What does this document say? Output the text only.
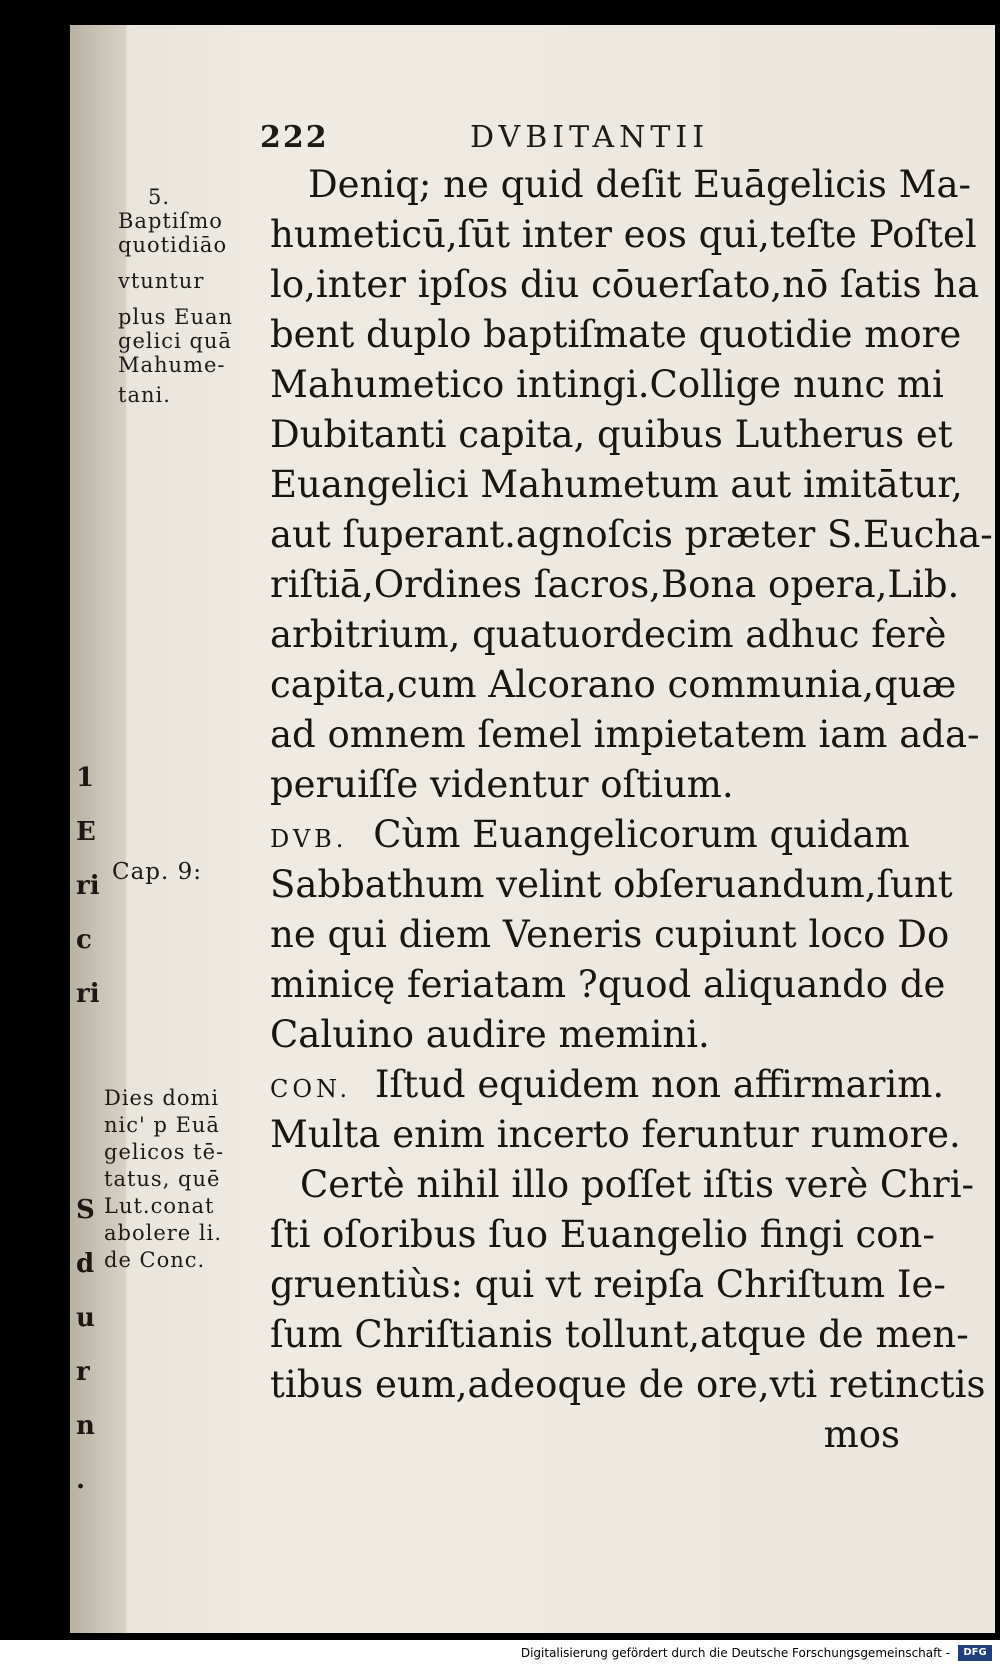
1
E
ri
c
ri
S
d
u
r
n
.
222	DVBITANTII
5.
Baptiſmo
quotidiāo
vtuntur
plus Euan
gelici quā
Mahume-
tani.
Cap. 9:
Dies domi
nic' p Euā
gelicos tē-
tatus, quē
Lut.conat
abolere li.
de Conc.
Deniq; ne quid deſit Euāgelicis Ma-
humeticū,ſūt inter eos qui,teſte Poſtel
lo,inter ipſos diu cōuerſato,nō ſatis ha
bent duplo baptiſmate quotidie more
Mahumetico intingi.Collige nunc mi
Dubitanti capita, quibus Lutherus et
Euangelici Mahumetum aut imitātur,
aut ſuperant.agnoſcis præter S.Eucha-
riſtiā,Ordines ſacros,Bona opera,Lib.
arbitrium, quatuordecim adhuc ferè
capita,cum Alcorano communia,quæ
ad omnem ſemel impietatem iam ada-
peruiſſe videntur oſtium.
DVB. Cùm Euangelicorum quidam
Sabbathum velint obſeruandum,ſunt
ne qui diem Veneris cupiunt loco Do
minicę feriatam ?quod aliquando de
Caluino audire memini.
CON. Iſtud equidem non affirmarim.
Multa enim incerto feruntur rumore.
Certè nihil illo poſſet iſtis verè Chri-
ſti oſoribus ſuo Euangelio fingi con-
gruentiùs: qui vt reipſa Chriſtum Ie-
ſum Chriſtianis tollunt,atque de men-
tibus eum,adeoque de ore,vti retinctis
mos
Digitalisierung gefördert durch die Deutsche Forschungsgemeinschaft -	DFG
